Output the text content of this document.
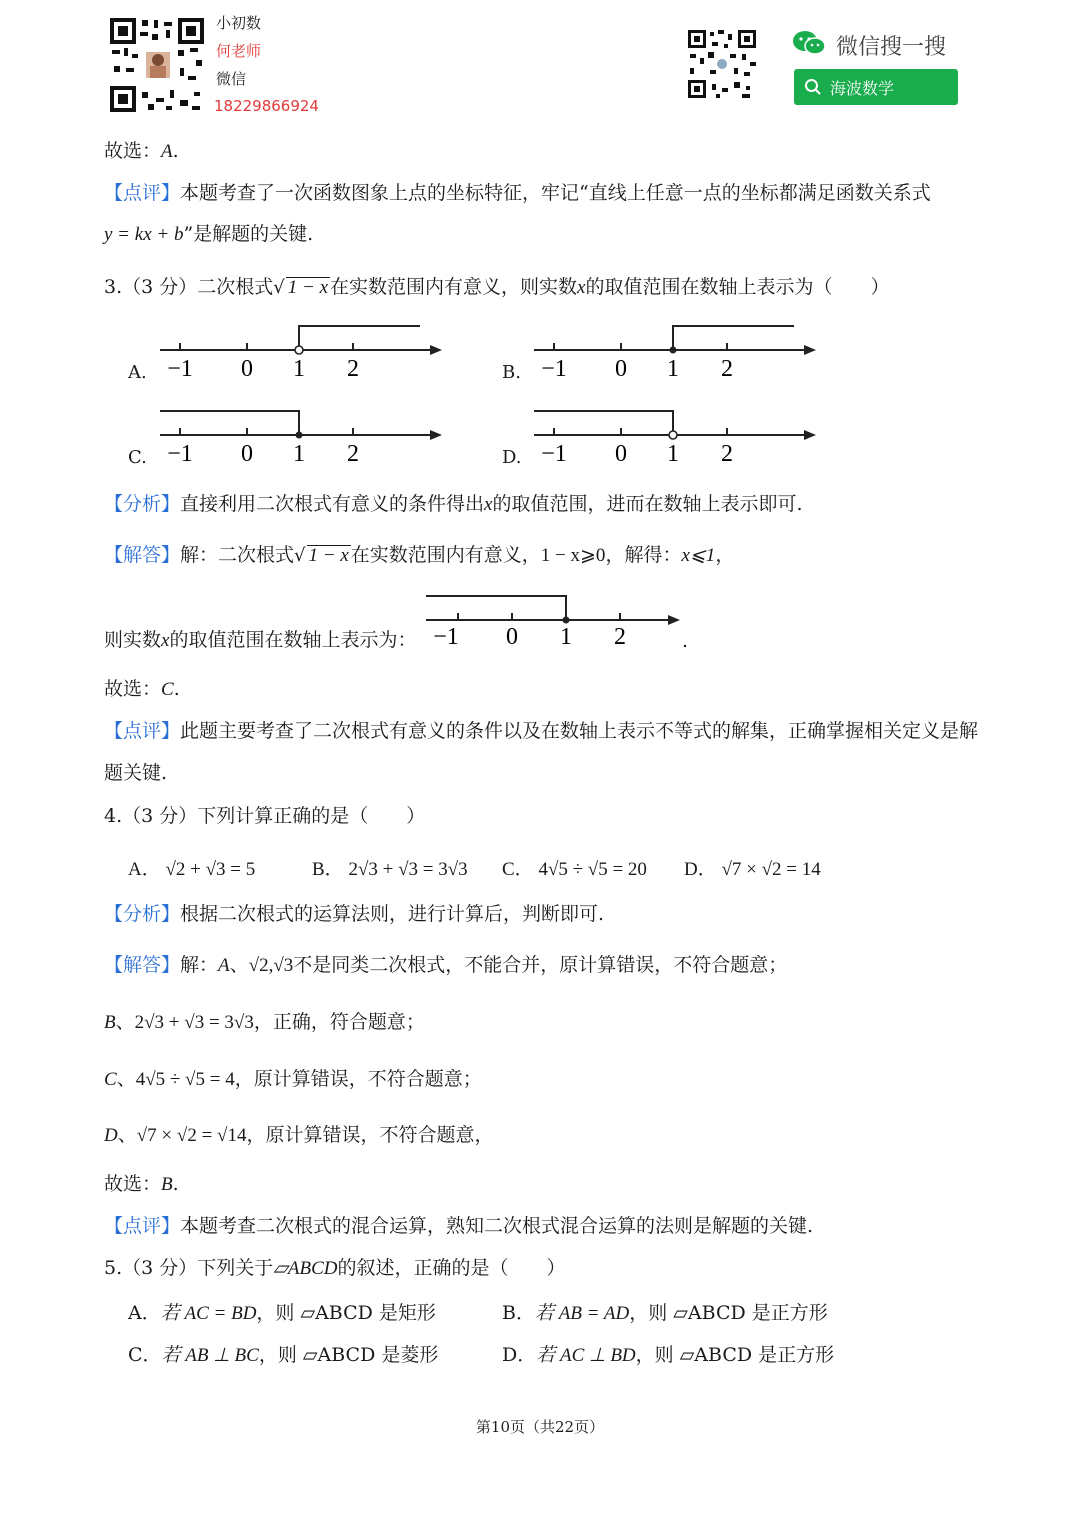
小初数
何老师
微信
18229866924
微信搜一搜
海波数学
故选：A.
【点评】本题考查了一次函数图象上点的坐标特征，牢记“直线上任意一点的坐标都满足函数关系式
y = kx + b”是解题的关键.
3.（3 分）二次根式√ 1 − x 在实数范围内有意义，则实数x的取值范围在数轴上表示为（　　）
A. −1 0 1 2	B. −1 0 1 2
C. −1 0 1 2	D. −1 0 1 2
【分析】直接利用二次根式有意义的条件得出x的取值范围，进而在数轴上表示即可.
【解答】解：二次根式√ 1 − x 在实数范围内有意义，1 − x⩾0，解得：x⩽1，
则实数x的取值范围在数轴上表示为： −1 0 1 2	.
故选：C.
【点评】此题主要考查了二次根式有意义的条件以及在数轴上表示不等式的解集，正确掌握相关定义是解
题关键.
4.（3 分）下列计算正确的是（　　）
A． √2 + √3 = 5	B． 2√3 + √3 = 3√3 C． 4√5 ÷ √5 = 20 D． √7 × √2 = 14
【分析】根据二次根式的运算法则，进行计算后，判断即可.
【解答】解：A、√2,√3不是同类二次根式，不能合并，原计算错误，不符合题意；
B、2√3 + √3 = 3√3，正确，符合题意；
C、4√5 ÷ √5 = 4，原计算错误，不符合题意；
D、√7 × √2 = √14，原计算错误，不符合题意，
故选：B.
【点评】本题考查二次根式的混合运算，熟知二次根式混合运算的法则是解题的关键.
5.（3 分）下列关于▱ABCD的叙述，正确的是（　　）
A．若 AC = BD，则 ▱ABCD 是矩形	B．若 AB = AD，则 ▱ABCD 是正方形
C．若 AB ⊥ BC，则 ▱ABCD 是菱形	D．若 AC ⊥ BD，则 ▱ABCD 是正方形
第10页（共22页）
